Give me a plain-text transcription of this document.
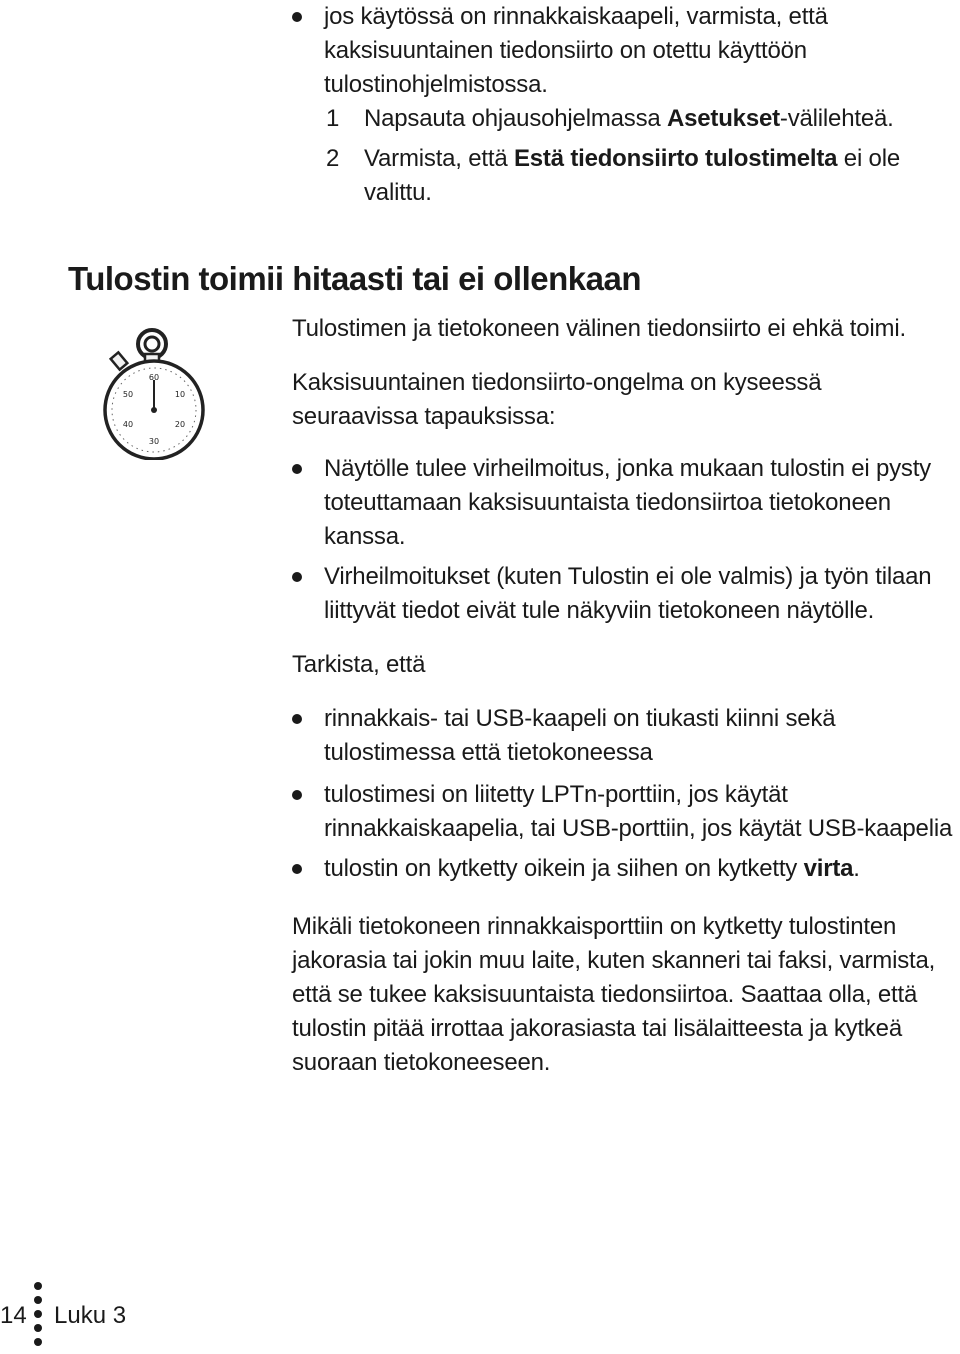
jos käytössä on rinnakkaiskaapeli, varmista, että kaksisuuntainen tiedonsiirto on otettu käyttöön tulostinohjelmistossa.
1 Napsauta ohjausohjelmassa Asetukset-välilehteä.
2 Varmista, että Estä tiedonsiirto tulostimelta ei ole valittu.
Tulostin toimii hitaasti tai ei ollenkaan
60
10
20
30
40
50

Tulostimen ja tietokoneen välinen tiedonsiirto ei ehkä toimi.

Kaksisuuntainen tiedonsiirto-ongelma on kyseessä seuraavissa tapauksissa:

Näytölle tulee virheilmoitus, jonka mukaan tulostin ei pysty toteuttamaan kaksisuuntaista tiedonsiirtoa tietokoneen kanssa.
Virheilmoitukset (kuten Tulostin ei ole valmis) ja työn tilaan liittyvät tiedot eivät tule näkyviin tietokoneen näytölle.

Tarkista, että

rinnakkais- tai USB-kaapeli on tiukasti kiinni sekä tulostimessa että tietokoneessa
tulostimesi on liitetty LPTn-porttiin, jos käytät rinnakkaiskaapelia, tai USB-porttiin, jos käytät USB-kaapelia
tulostin on kytketty oikein ja siihen on kytketty virta.

Mikäli tietokoneen rinnakkaisporttiin on kytketty tulostinten jakorasia tai jokin muu laite, kuten skanneri tai faksi, varmista, että se tukee kaksisuuntaista tiedonsiirtoa. Saattaa olla, että tulostin pitää irrottaa jakorasiasta tai lisälaitteesta ja kytkeä suoraan tietokoneeseen.

14 Luku 3
